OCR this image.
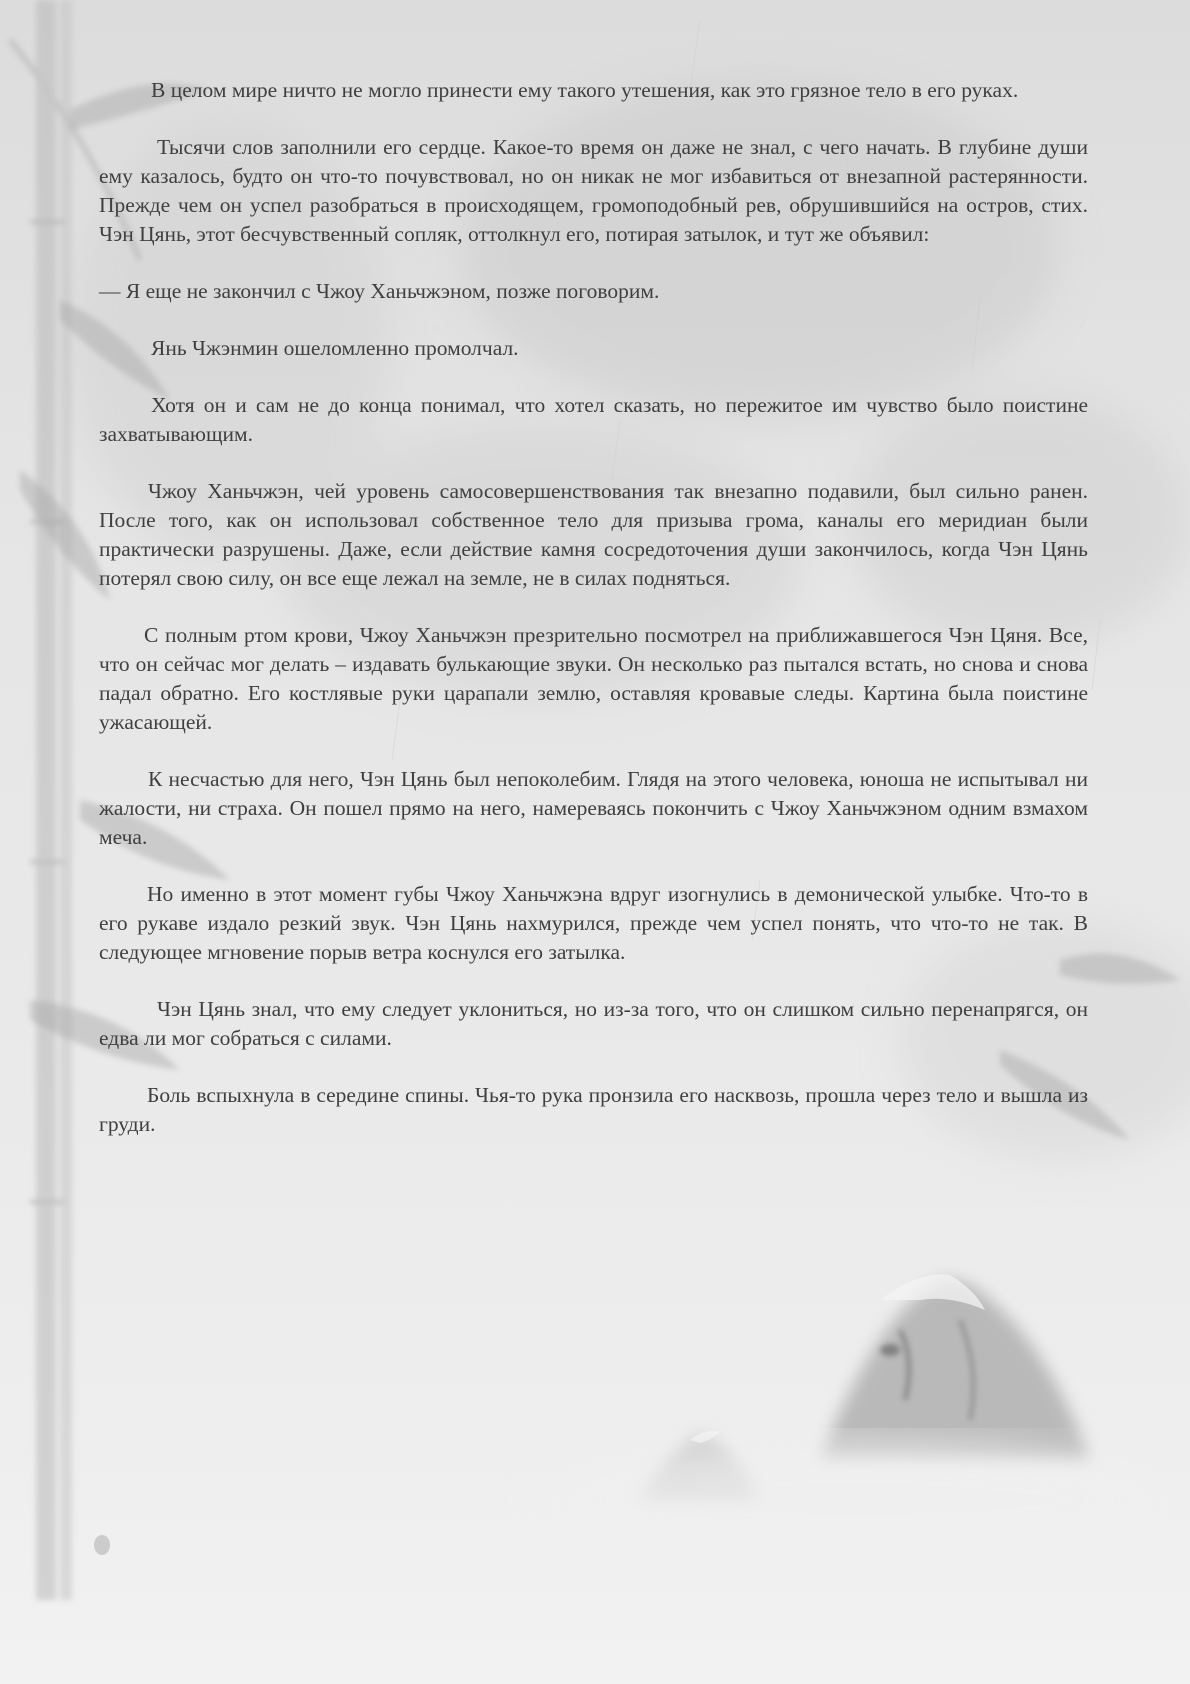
В целом мире ничто не могло принести ему такого утешения, как это грязное тело в его руках.

Тысячи слов заполнили его сердце. Какое-то время он даже не знал, с чего начать. В глубине души ему казалось, будто он что-то почувствовал, но он никак не мог избавиться от внезапной растерянности. Прежде чем он успел разобраться в происходящем, громоподобный рев, обрушившийся на остров, стих. Чэн Цянь, этот бесчувственный сопляк, оттолкнул его, потирая затылок, и тут же объявил:

— Я еще не закончил с Чжоу Ханьчжэном, позже поговорим.

Янь Чжэнмин ошеломленно промолчал.

Хотя он и сам не до конца понимал, что хотел сказать, но пережитое им чувство было поистине захватывающим.

Чжоу Ханьчжэн, чей уровень самосовершенствования так внезапно подавили, был сильно ранен. После того, как он использовал собственное тело для призыва грома, каналы его меридиан были практически разрушены. Даже, если действие камня сосредоточения души закончилось, когда Чэн Цянь потерял свою силу, он все еще лежал на земле, не в силах подняться.

С полным ртом крови, Чжоу Ханьчжэн презрительно посмотрел на приближавшегося Чэн Цяня. Все, что он сейчас мог делать – издавать булькающие звуки. Он несколько раз пытался встать, но снова и снова падал обратно. Его костлявые руки царапали землю, оставляя кровавые следы. Картина была поистине ужасающей.

К несчастью для него, Чэн Цянь был непоколебим. Глядя на этого человека, юноша не испытывал ни жалости, ни страха. Он пошел прямо на него, намереваясь покончить с Чжоу Ханьчжэном одним взмахом меча.

Но именно в этот момент губы Чжоу Ханьчжэна вдруг изогнулись в демонической улыбке. Что-то в его рукаве издало резкий звук. Чэн Цянь нахмурился, прежде чем успел понять, что что-то не так. В следующее мгновение порыв ветра коснулся его затылка.

Чэн Цянь знал, что ему следует уклониться, но из-за того, что он слишком сильно перенапрягся, он едва ли мог собраться с силами.

Боль вспыхнула в середине спины. Чья-то рука пронзила его насквозь, прошла через тело и вышла из груди.
